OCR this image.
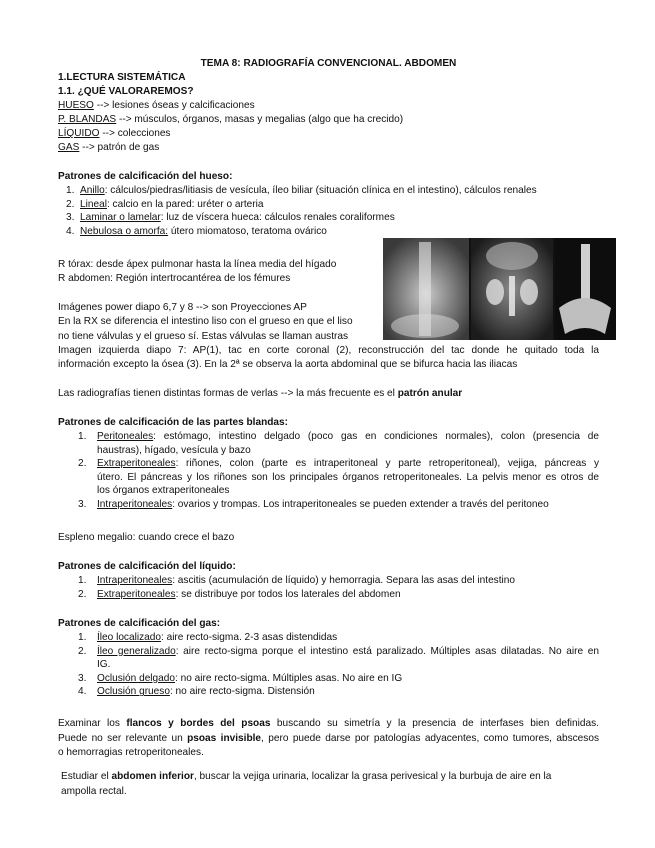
TEMA 8: RADIOGRAFÍA CONVENCIONAL. ABDOMEN
1.LECTURA SISTEMÁTICA
1.1. ¿QUÉ VALORAREMOS?
HUESO --> lesiones óseas y calcificaciones
P. BLANDAS --> músculos, órganos, masas y megalias (algo que ha crecido)
LÍQUIDO --> colecciones
GAS --> patrón de gas
Patrones de calcificación del hueso:
1. Anillo: cálculos/piedras/litiasis de vesícula, íleo biliar (situación clínica en el intestino), cálculos renales
2. Lineal: calcio en la pared: uréter o arteria
3. Laminar o lamelar: luz de víscera hueca: cálculos renales coraliformes
4. Nebulosa o amorfa: útero miomatoso, teratoma ovárico
R tórax: desde ápex pulmonar hasta la línea media del hígado
R abdomen: Región intertrocantérea de los fémures
Imágenes power diapo 6,7 y 8 --> son Proyecciones AP
En la RX se diferencia el intestino liso con el grueso en que el liso
no tiene válvulas y el grueso sí. Estas válvulas se llaman austras
Imagen izquierda diapo 7: AP(1), tac en corte coronal (2), reconstrucción del tac donde he quitado toda la
información excepto la ósea (3). En la 2ª se observa la aorta abdominal que se bifurca hacia las iliacas
Las radiografías tienen distintas formas de verlas --> la más frecuente es el patrón anular
Patrones de calcificación de las partes blandas:
1. Peritoneales: estómago, intestino delgado (poco gas en condiciones normales), colon (presencia de
haustras), hígado, vesícula y bazo
2. Extraperitoneales: riñones, colon (parte es intraperitoneal y parte retroperitoneal), vejiga, páncreas y
útero. El páncreas y los riñones son los principales órganos retroperitoneales. La pelvis menor es otros de
los órganos extraperitoneales
3. Intraperitoneales: ovarios y trompas. Los intraperitoneales se pueden extender a través del peritoneo
Espleno megalio: cuando crece el bazo
Patrones de calcificación del líquido:
1. Intraperitoneales: ascitis (acumulación de líquido) y hemorragia. Separa las asas del intestino
2. Extraperitoneales: se distribuye por todos los laterales del abdomen
Patrones de calcificación del gas:
1. Íleo localizado: aire recto-sigma. 2-3 asas distendidas
2. Íleo generalizado: aire recto-sigma porque el intestino está paralizado. Múltiples asas dilatadas. No aire en
IG.
3. Oclusión delgado: no aire recto-sigma. Múltiples asas. No aire en IG
4. Oclusión grueso: no aire recto-sigma. Distensión
Examinar los flancos y bordes del psoas buscando su simetría y la presencia de interfases bien definidas.
Puede no ser relevante un psoas invisible, pero puede darse por patologías adyacentes, como tumores, abscesos
o hemorragias retroperitoneales.
Estudiar el abdomen inferior, buscar la vejiga urinaria, localizar la grasa perivesical y la burbuja de aire en la
ampolla rectal.
